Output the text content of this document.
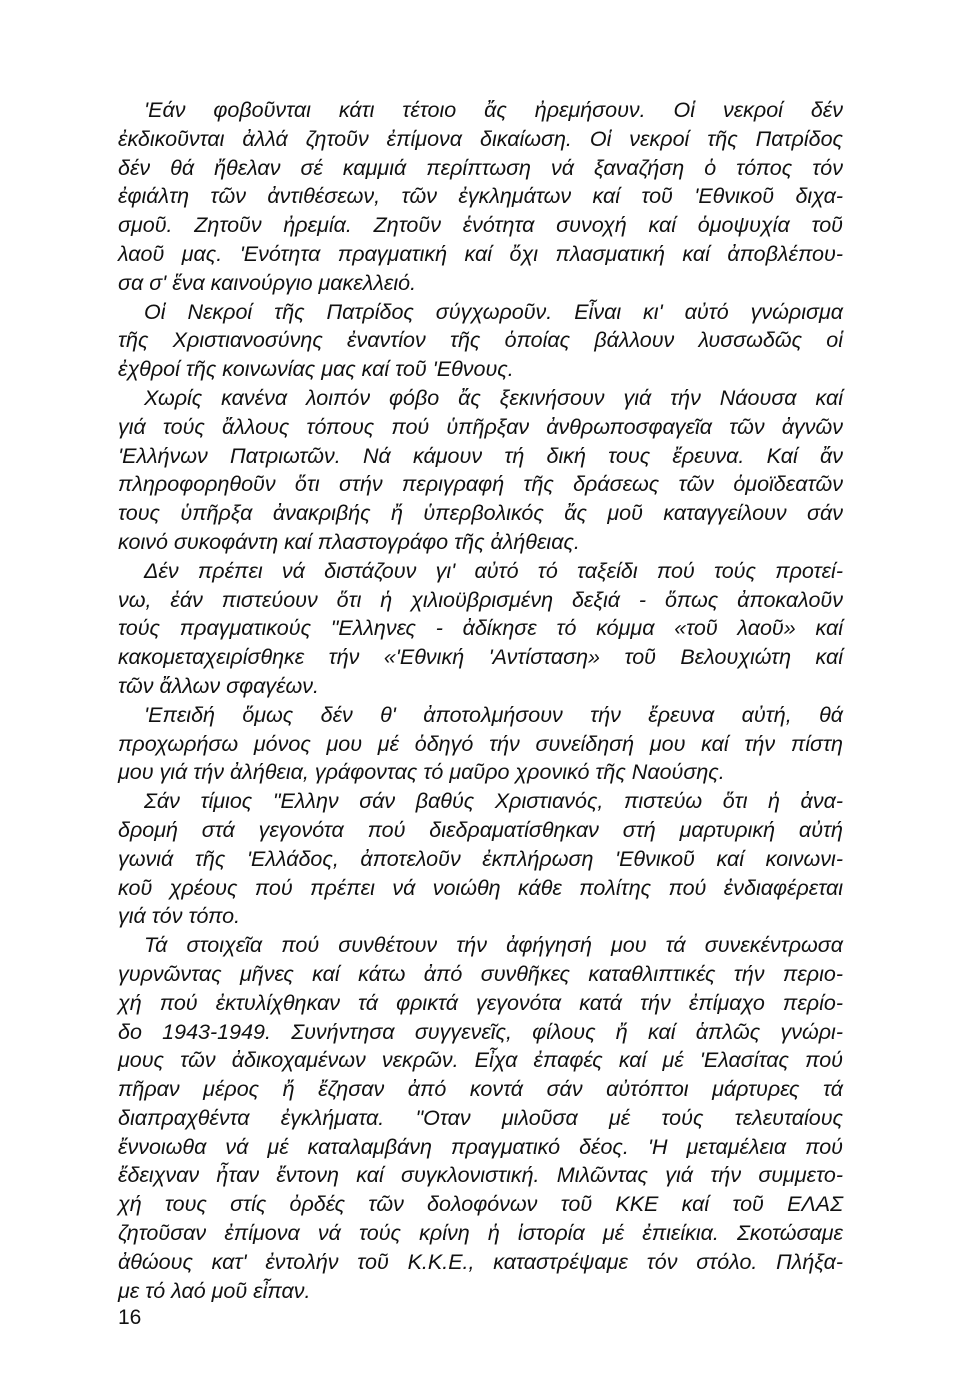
'Εάν φοβοῦνται κάτι τέτοιο ἄς ἠρεμήσουν. Οἱ νεκροί δέν
ἐκδικοῦνται ἀλλά ζητοῦν ἐπίμονα δικαίωση. Οἱ νεκροί τῆς Πατρίδος
δέν θά ἤθελαν σέ καμμιά περίπτωση νά ξαναζήση ὁ τόπος τόν
ἐφιάλτη τῶν ἀντιθέσεων, τῶν ἐγκλημάτων καί τοῦ 'Εθνικοῦ διχα-
σμοῦ. Ζητοῦν ἠρεμία. Ζητοῦν ἑνότητα συνοχή καί ὁμοψυχία τοῦ
λαοῦ μας. 'Ενότητα πραγματική καί ὄχι πλασματική καί ἀποβλέπου-
σα σ' ἕνα καινούργιο μακελλειό.
Οἱ Νεκροί τῆς Πατρίδος σύγχωροῦν. Εἶναι κι' αὐτό γνώρισμα
τῆς Χριστιανοσύνης ἐναντίον τῆς ὁποίας βάλλουν λυσσωδῶς οἱ
ἐχθροί τῆς κοινωνίας μας καί τοῦ 'Εθνους.
Χωρίς κανένα λοιπόν φόβο ἄς ξεκινήσουν γιά τήν Νάουσα καί
γιά τούς ἄλλους τόπους πού ὑπῆρξαν ἀνθρωποσφαγεῖα τῶν ἀγνῶν
'Ελλήνων Πατριωτῶν. Νά κάμουν τή δική τους ἔρευνα. Καί ἄν
πληροφορηθοῦν ὅτι στήν περιγραφή τῆς δράσεως τῶν ὁμοϊδεατῶν
τους ὑπῆρξα ἀνακριβής ἤ ὑπερβολικός ἄς μοῦ καταγγείλουν σάν
κοινό συκοφάντη καί πλαστογράφο τῆς ἀλήθειας.
Δέν πρέπει νά διστάζουν γι' αὐτό τό ταξείδι πού τούς προτεί-
νω, ἐάν πιστεύουν ὅτι ἡ χιλιοϋβρισμένη δεξιά - ὅπως ἀποκαλοῦν
τούς πραγματικούς "Ελληνες - ἀδίκησε τό κόμμα «τοῦ λαοῦ» καί
κακομεταχειρίσθηκε τήν «'Εθνική 'Αντίσταση» τοῦ Βελουχιώτη καί
τῶν ἄλλων σφαγέων.
'Επειδή ὅμως δέν θ' ἀποτολμήσουν τήν ἔρευνα αὐτή, θά
προχωρήσω μόνος μου μέ ὁδηγό τήν συνείδησή μου καί τήν πίστη
μου γιά τήν ἀλήθεια, γράφοντας τό μαῦρο χρονικό τῆς Ναούσης.
Σάν τίμιος "Ελλην σάν βαθύς Χριστιανός, πιστεύω ὅτι ἡ ἀνα-
δρομή στά γεγονότα πού διεδραματίσθηκαν στή μαρτυρική αὐτή
γωνιά τῆς 'Ελλάδος, ἀποτελοῦν ἐκπλήρωση 'Εθνικοῦ καί κοινωνι-
κοῦ χρέους πού πρέπει νά νοιώθη κάθε πολίτης πού ἐνδιαφέρεται
γιά τόν τόπο.
Τά στοιχεῖα πού συνθέτουν τήν ἀφήγησή μου τά συνεκέντρωσα
γυρνῶντας μῆνες καί κάτω ἀπό συνθῆκες καταθλιπτικές τήν περιο-
χή πού ἐκτυλίχθηκαν τά φρικτά γεγονότα κατά τήν ἐπίμαχο περίο-
δο 1943-1949. Συνήντησα συγγενεῖς, φίλους ἤ καί ἁπλῶς γνώρι-
μους τῶν ἀδικοχαμένων νεκρῶν. Εἶχα ἐπαφές καί μέ 'Ελασίτας πού
πῆραν μέρος ἤ ἔζησαν ἀπό κοντά σάν αὐτόπτοι μάρτυρες τά
διαπραχθέντα ἐγκλήματα. "Οταν μιλοῦσα μέ τούς τελευταίους
ἔννοιωθα νά μέ καταλαμβάνη πραγματικό δέος. 'Η μεταμέλεια πού
ἔδειχναν ἦταν ἔντονη καί συγκλονιστική. Μιλῶντας γιά τήν συμμετο-
χή τους στίς ὀρδές τῶν δολοφόνων τοῦ ΚΚΕ καί τοῦ ΕΛΑΣ
ζητοῦσαν ἐπίμονα νά τούς κρίνη ἡ ἱστορία μέ ἐπιείκια. Σκοτώσαμε
ἀθώους κατ' ἐντολήν τοῦ Κ.Κ.Ε., καταστρέψαμε τόν στόλο. Πλήξα-
με τό λαό μοῦ εἶπαν.
16
